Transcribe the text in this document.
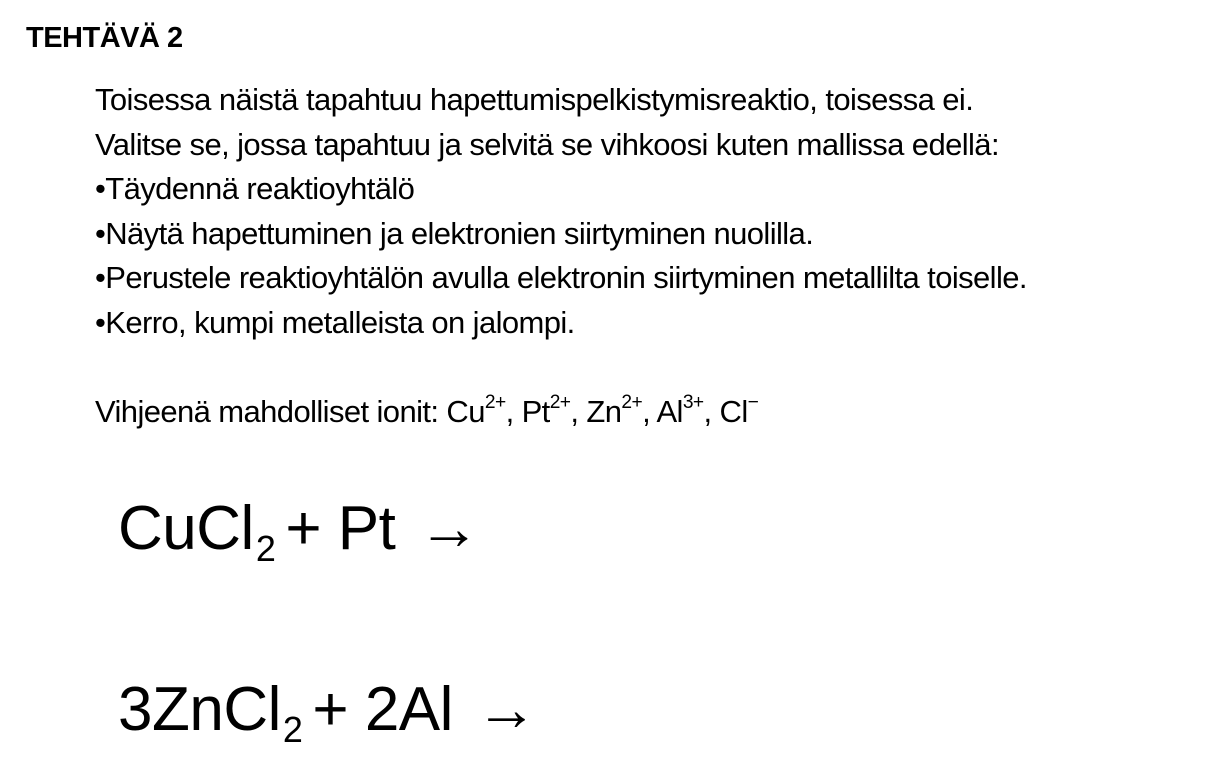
TEHTÄVÄ 2
Toisessa näistä tapahtuu hapettumispelkistymisreaktio, toisessa ei.
Valitse se, jossa tapahtuu ja selvitä se vihkoosi kuten mallissa edellä:
•Täydennä reaktioyhtälö
•Näytä hapettuminen ja elektronien siirtyminen nuolilla.
•Perustele reaktioyhtälön avulla elektronin siirtyminen metallilta toiselle.
•Kerro, kumpi metalleista on jalompi.
Vihjeenä mahdolliset ionit: $Cu^{2+}$, $Pt^{2+}$, $Zn^{2+}$, $Al^{3+}$, Cl−
CuCl2 + Pt →
3ZnCl2 + 2Al →
